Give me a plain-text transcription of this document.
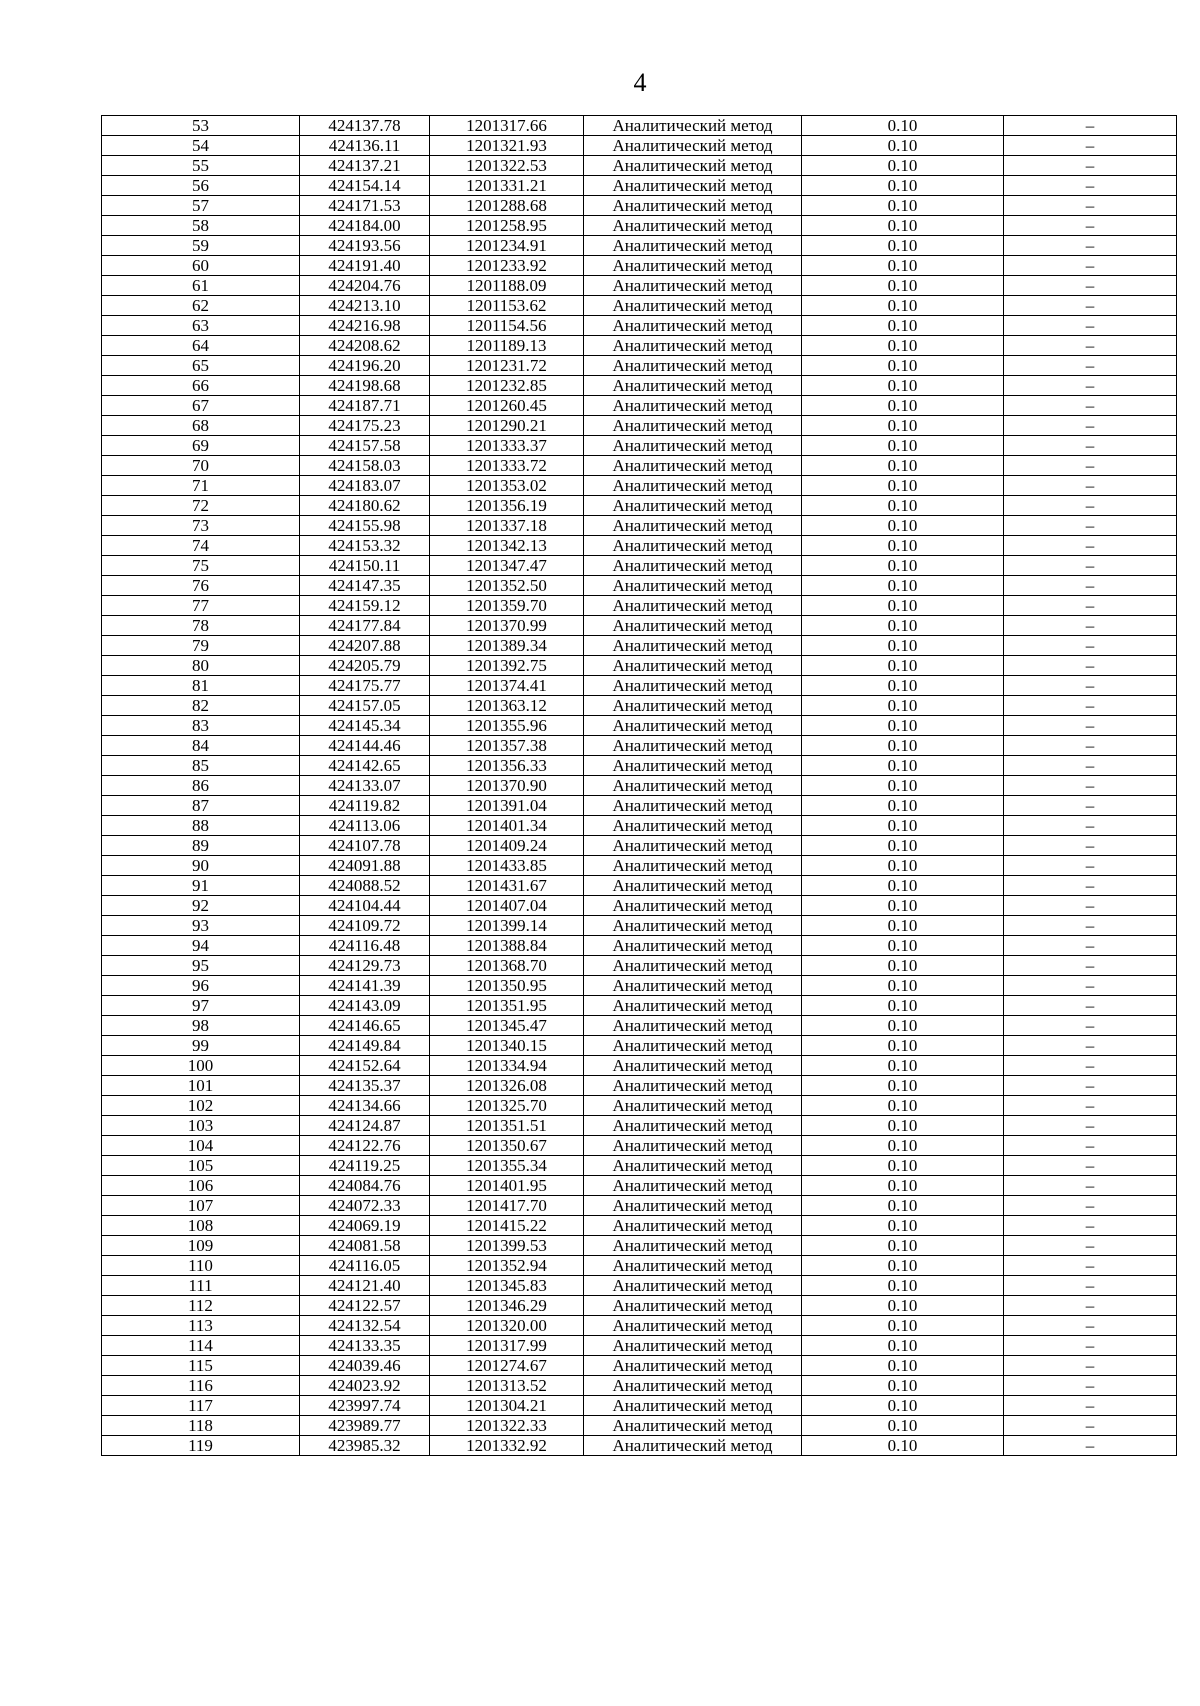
4
53	424137.78	1201317.66	Аналитический метод	0.10	–
54	424136.11	1201321.93	Аналитический метод	0.10	–
55	424137.21	1201322.53	Аналитический метод	0.10	–
56	424154.14	1201331.21	Аналитический метод	0.10	–
57	424171.53	1201288.68	Аналитический метод	0.10	–
58	424184.00	1201258.95	Аналитический метод	0.10	–
59	424193.56	1201234.91	Аналитический метод	0.10	–
60	424191.40	1201233.92	Аналитический метод	0.10	–
61	424204.76	1201188.09	Аналитический метод	0.10	–
62	424213.10	1201153.62	Аналитический метод	0.10	–
63	424216.98	1201154.56	Аналитический метод	0.10	–
64	424208.62	1201189.13	Аналитический метод	0.10	–
65	424196.20	1201231.72	Аналитический метод	0.10	–
66	424198.68	1201232.85	Аналитический метод	0.10	–
67	424187.71	1201260.45	Аналитический метод	0.10	–
68	424175.23	1201290.21	Аналитический метод	0.10	–
69	424157.58	1201333.37	Аналитический метод	0.10	–
70	424158.03	1201333.72	Аналитический метод	0.10	–
71	424183.07	1201353.02	Аналитический метод	0.10	–
72	424180.62	1201356.19	Аналитический метод	0.10	–
73	424155.98	1201337.18	Аналитический метод	0.10	–
74	424153.32	1201342.13	Аналитический метод	0.10	–
75	424150.11	1201347.47	Аналитический метод	0.10	–
76	424147.35	1201352.50	Аналитический метод	0.10	–
77	424159.12	1201359.70	Аналитический метод	0.10	–
78	424177.84	1201370.99	Аналитический метод	0.10	–
79	424207.88	1201389.34	Аналитический метод	0.10	–
80	424205.79	1201392.75	Аналитический метод	0.10	–
81	424175.77	1201374.41	Аналитический метод	0.10	–
82	424157.05	1201363.12	Аналитический метод	0.10	–
83	424145.34	1201355.96	Аналитический метод	0.10	–
84	424144.46	1201357.38	Аналитический метод	0.10	–
85	424142.65	1201356.33	Аналитический метод	0.10	–
86	424133.07	1201370.90	Аналитический метод	0.10	–
87	424119.82	1201391.04	Аналитический метод	0.10	–
88	424113.06	1201401.34	Аналитический метод	0.10	–
89	424107.78	1201409.24	Аналитический метод	0.10	–
90	424091.88	1201433.85	Аналитический метод	0.10	–
91	424088.52	1201431.67	Аналитический метод	0.10	–
92	424104.44	1201407.04	Аналитический метод	0.10	–
93	424109.72	1201399.14	Аналитический метод	0.10	–
94	424116.48	1201388.84	Аналитический метод	0.10	–
95	424129.73	1201368.70	Аналитический метод	0.10	–
96	424141.39	1201350.95	Аналитический метод	0.10	–
97	424143.09	1201351.95	Аналитический метод	0.10	–
98	424146.65	1201345.47	Аналитический метод	0.10	–
99	424149.84	1201340.15	Аналитический метод	0.10	–
100	424152.64	1201334.94	Аналитический метод	0.10	–
101	424135.37	1201326.08	Аналитический метод	0.10	–
102	424134.66	1201325.70	Аналитический метод	0.10	–
103	424124.87	1201351.51	Аналитический метод	0.10	–
104	424122.76	1201350.67	Аналитический метод	0.10	–
105	424119.25	1201355.34	Аналитический метод	0.10	–
106	424084.76	1201401.95	Аналитический метод	0.10	–
107	424072.33	1201417.70	Аналитический метод	0.10	–
108	424069.19	1201415.22	Аналитический метод	0.10	–
109	424081.58	1201399.53	Аналитический метод	0.10	–
110	424116.05	1201352.94	Аналитический метод	0.10	–
111	424121.40	1201345.83	Аналитический метод	0.10	–
112	424122.57	1201346.29	Аналитический метод	0.10	–
113	424132.54	1201320.00	Аналитический метод	0.10	–
114	424133.35	1201317.99	Аналитический метод	0.10	–
115	424039.46	1201274.67	Аналитический метод	0.10	–
116	424023.92	1201313.52	Аналитический метод	0.10	–
117	423997.74	1201304.21	Аналитический метод	0.10	–
118	423989.77	1201322.33	Аналитический метод	0.10	–
119	423985.32	1201332.92	Аналитический метод	0.10	–
